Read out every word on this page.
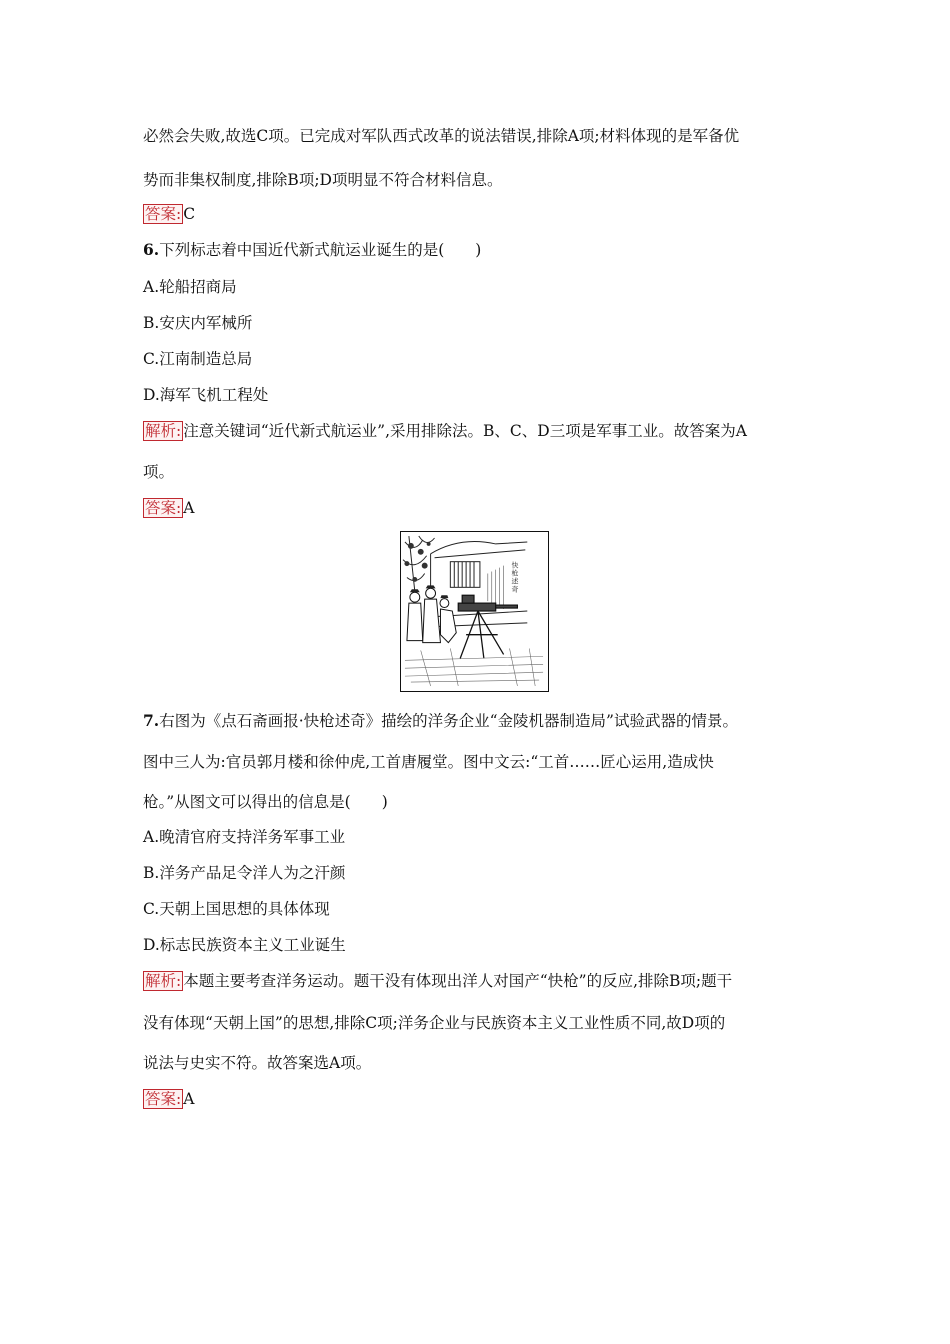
必然会失败,故选C项。已完成对军队西式改革的说法错误,排除A项;材料体现的是军备优
势而非集权制度,排除B项;D项明显不符合材料信息。
答案: C
6.下列标志着中国近代新式航运业诞生的是(　　)
A.轮船招商局
B.安庆内军械所
C.江南制造总局
D.海军飞机工程处
解析: 注意关键词“近代新式航运业”,采用排除法。B、C、D三项是军事工业。故答案为A
项。
答案: A
快
枪
述
奇
7.右图为《点石斋画报·快枪述奇》描绘的洋务企业“金陵机器制造局”试验武器的情景。
图中三人为:官员郭月楼和徐仲虎,工首唐履堂。图中文云:“工首……匠心运用,造成快
枪。”从图文可以得出的信息是(　　)
A.晚清官府支持洋务军事工业
B.洋务产品足令洋人为之汗颜
C.天朝上国思想的具体体现
D.标志民族资本主义工业诞生
解析: 本题主要考查洋务运动。题干没有体现出洋人对国产“快枪”的反应,排除B项;题干
没有体现“天朝上国”的思想,排除C项;洋务企业与民族资本主义工业性质不同,故D项的
说法与史实不符。故答案选A项。
答案: A
